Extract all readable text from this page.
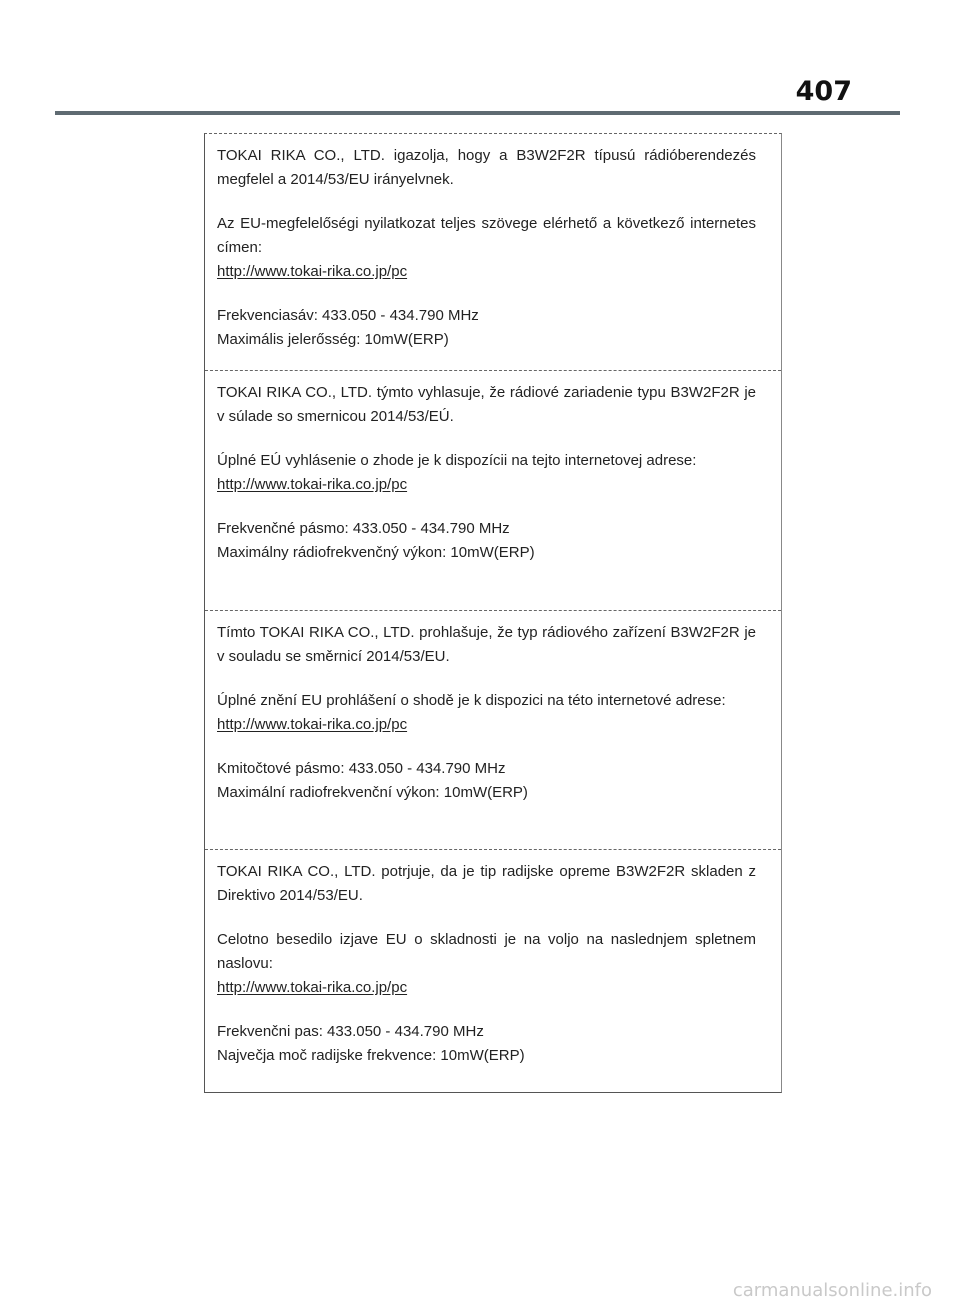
407

TOKAI RIKA CO., LTD. igazolja, hogy a B3W2F2R típusú rádióberendezés megfelel a 2014/53/EU irányelvnek.

Az EU-megfelelőségi nyilatkozat teljes szövege elérhető a következő internetes címen:

http://www.tokai-rika.co.jp/pc

Frekvenciasáv: 433.050 - 434.790 MHz

Maximális jelerősség: 10mW(ERP)

TOKAI RIKA CO., LTD. týmto vyhlasuje, že rádiové zariadenie typu B3W2F2R je v súlade so smernicou 2014/53/EÚ.

Úplné EÚ vyhlásenie o zhode je k dispozícii na tejto internetovej adrese:

http://www.tokai-rika.co.jp/pc

Frekvenčné pásmo: 433.050 - 434.790 MHz

Maximálny rádiofrekvenčný výkon: 10mW(ERP)

Tímto TOKAI RIKA CO., LTD. prohlašuje, že typ rádiového zařízení B3W2F2R je v souladu se směrnicí 2014/53/EU.

Úplné znění EU prohlášení o shodě je k dispozici na této internetové adrese:

http://www.tokai-rika.co.jp/pc

Kmitočtové pásmo: 433.050 - 434.790 MHz

Maximální radiofrekvenční výkon: 10mW(ERP)

TOKAI RIKA CO., LTD. potrjuje, da je tip radijske opreme B3W2F2R skladen z Direktivo 2014/53/EU.

Celotno besedilo izjave EU o skladnosti je na voljo na naslednjem spletnem naslovu:

http://www.tokai-rika.co.jp/pc

Frekvenčni pas: 433.050 - 434.790 MHz

Največja moč radijske frekvence: 10mW(ERP)

carmanualsonline.info
